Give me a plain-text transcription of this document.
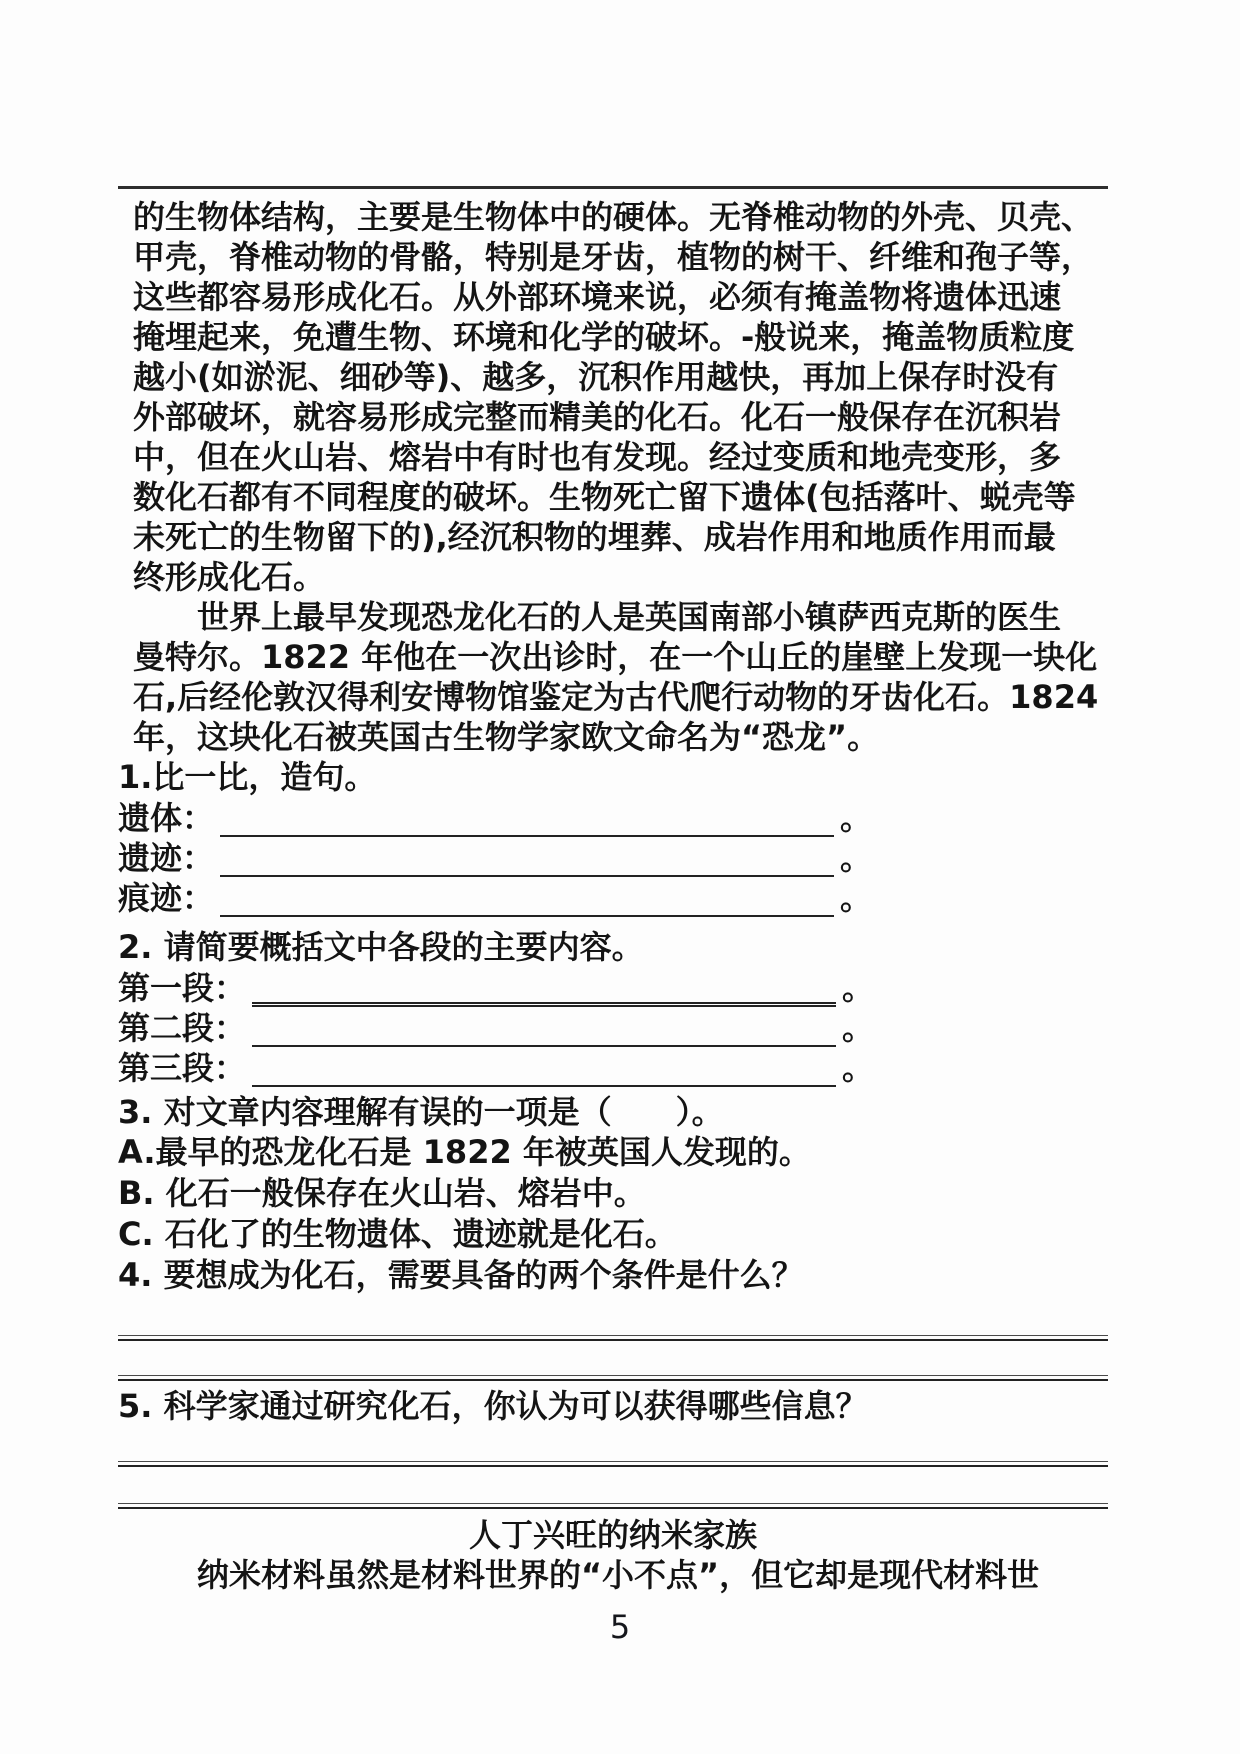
的生物体结构，主要是生物体中的硬体。无脊椎动物的外壳、贝壳、
甲壳，脊椎动物的骨骼，特别是牙齿，植物的树干、纤维和孢子等，
这些都容易形成化石。从外部环境来说，必须有掩盖物将遗体迅速
掩埋起来，免遭生物、环境和化学的破坏。-般说来，掩盖物质粒度
越小(如淤泥、细砂等)、越多，沉积作用越快，再加上保存时没有
外部破坏，就容易形成完整而精美的化石。化石一般保存在沉积岩
中，但在火山岩、熔岩中有时也有发现。经过变质和地壳变形，多
数化石都有不同程度的破坏。生物死亡留下遗体(包括落叶、蜕壳等
未死亡的生物留下的),经沉积物的埋葬、成岩作用和地质作用而最
终形成化石。
世界上最早发现恐龙化石的人是英国南部小镇萨西克斯的医生
曼特尔。1822 年他在一次出诊时，在一个山丘的崖壁上发现一块化
石,后经伦敦汉得利安博物馆鉴定为古代爬行动物的牙齿化石。1824
年，这块化石被英国古生物学家欧文命名为“恐龙”。
1.比一比，造句。
遗体：	。
遗迹：	。
痕迹：	。
2. 请简要概括文中各段的主要内容。
第一段：	。
第二段：	。
第三段：	。
3. 对文章内容理解有误的一项是（　　）。
A.最早的恐龙化石是 1822 年被英国人发现的。
B. 化石一般保存在火山岩、熔岩中。
C. 石化了的生物遗体、遗迹就是化石。
4. 要想成为化石，需要具备的两个条件是什么？
5. 科学家通过研究化石，你认为可以获得哪些信息？
人丁兴旺的纳米家族
纳米材料虽然是材料世界的“小不点”，但它却是现代材料世
5
